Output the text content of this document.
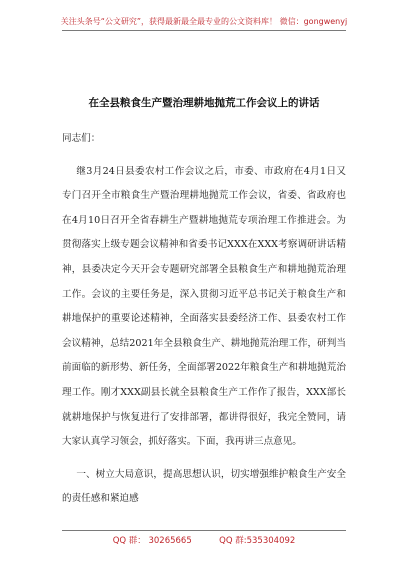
关注头条号“公文研究”，获得最新最全最专业的公文资料库！ 微信：gongwenyj
在全县粮食生产暨治理耕地抛荒工作会议上的讲话

同志们：

继3月24日县委农村工作会议之后，市委、市政府在4月1日又专门召开全市粮食生产暨治理耕地抛荒工作会议，省委、省政府也在4月10日召开全省春耕生产暨耕地抛荒专项治理工作推进会。为贯彻落实上级专题会议精神和省委书记XXX在XXX考察调研讲话精神，县委决定今天开会专题研究部署全县粮食生产和耕地抛荒治理工作。会议的主要任务是，深入贯彻习近平总书记关于粮食生产和耕地保护的重要论述精神，全面落实县委经济工作、县委农村工作会议精神，总结2021年全县粮食生产、耕地抛荒治理工作，研判当前面临的新形势、新任务，全面部署2022年粮食生产和耕地抛荒治理工作。刚才XXX副县长就全县粮食生产工作作了报告，XXX部长就耕地保护与恢复进行了安排部署，都讲得很好，我完全赞同，请大家认真学习领会，抓好落实。下面，我再讲三点意见。

一、树立大局意识，提高思想认识，切实增强维护粮食生产安全的责任感和紧迫感

QQ 群： 30265665	QQ 群:535304092
